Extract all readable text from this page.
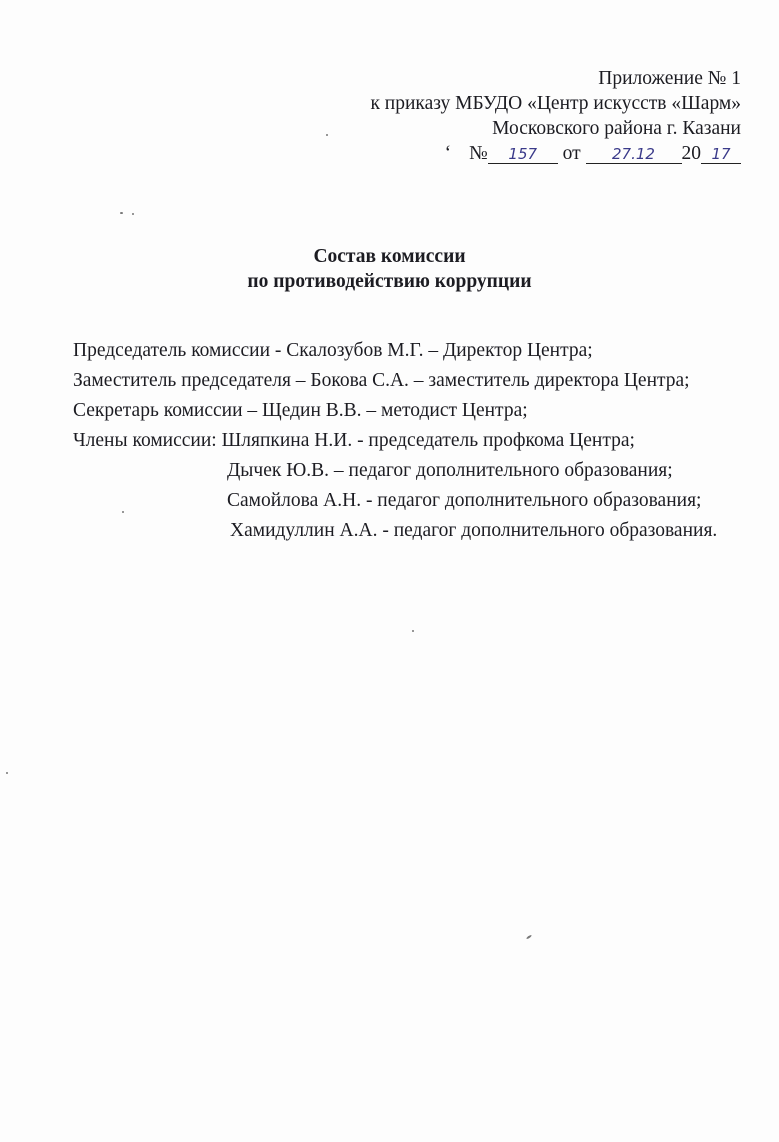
Приложение № 1
к приказу МБУДО «Центр искусств «Шарм»
Московского района г. Казани
‘ № 157 от 27.12 20 17
Состав комиссии
по противодействию коррупции
Председатель комиссии - Скалозубов М.Г. – Директор Центра;
Заместитель председателя – Бокова С.А. – заместитель директора Центра;
Секретарь комиссии – Щедин В.В. – методист Центра;
Члены комиссии: Шляпкина Н.И. - председатель профкома Центра;
Дычек Ю.В. – педагог дополнительного образования;
Самойлова А.Н. - педагог дополнительного образования;
Хамидуллин А.А. - педагог дополнительного образования.
